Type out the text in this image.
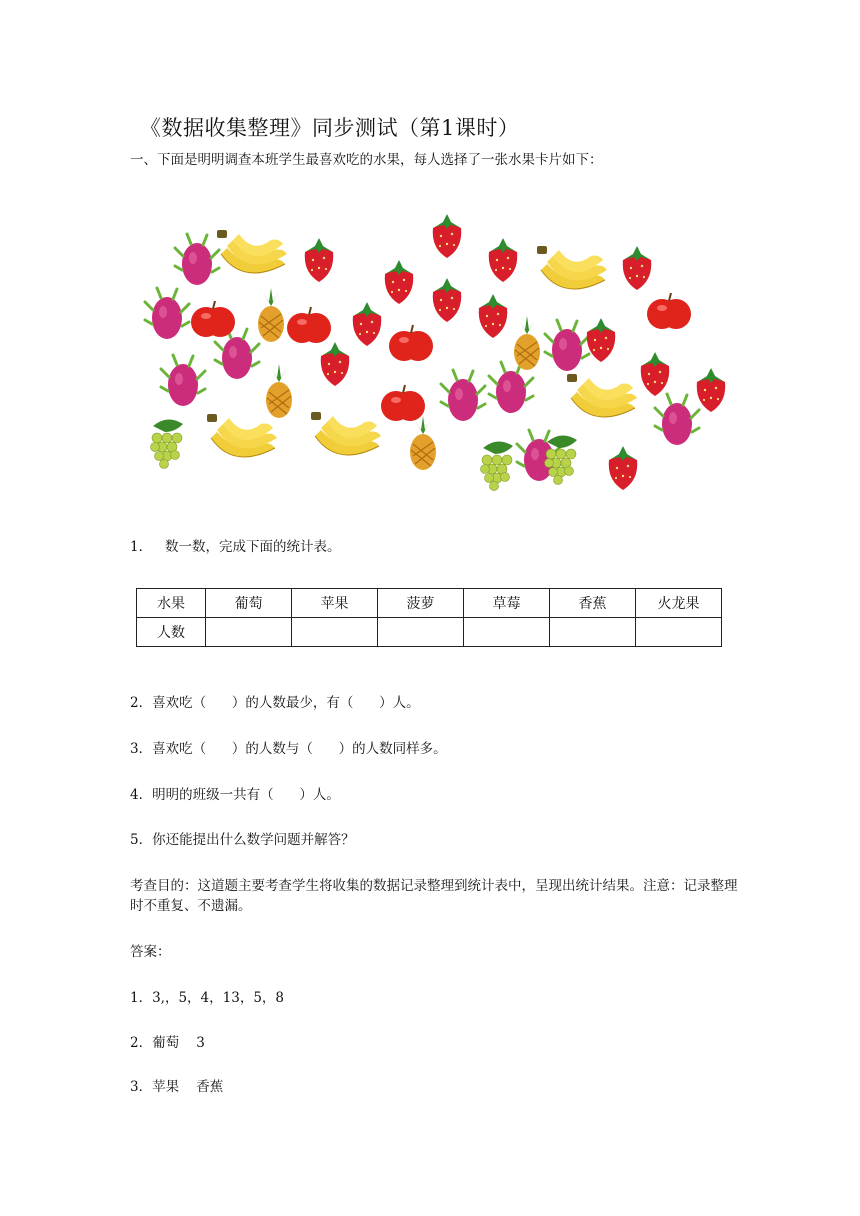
《数据收集整理》同步测试（第1课时）
一、下面是明明调查本班学生最喜欢吃的水果，每人选择了一张水果卡片如下：
1．   数一数，完成下面的统计表。
水果	葡萄	苹果	菠萝	草莓	香蕉	火龙果
人数						
2．喜欢吃（      ）的人数最少，有（      ）人。
3．喜欢吃（      ）的人数与（      ）的人数同样多。
4．明明的班级一共有（      ）人。
5．你还能提出什么数学问题并解答？
考查目的：这道题主要考查学生将收集的数据记录整理到统计表中，呈现出统计结果。注意：记录整理时不重复、不遗漏。
答案：
1．3,，5，4，13，5，8
2．葡萄    3
3．苹果    香蕉
